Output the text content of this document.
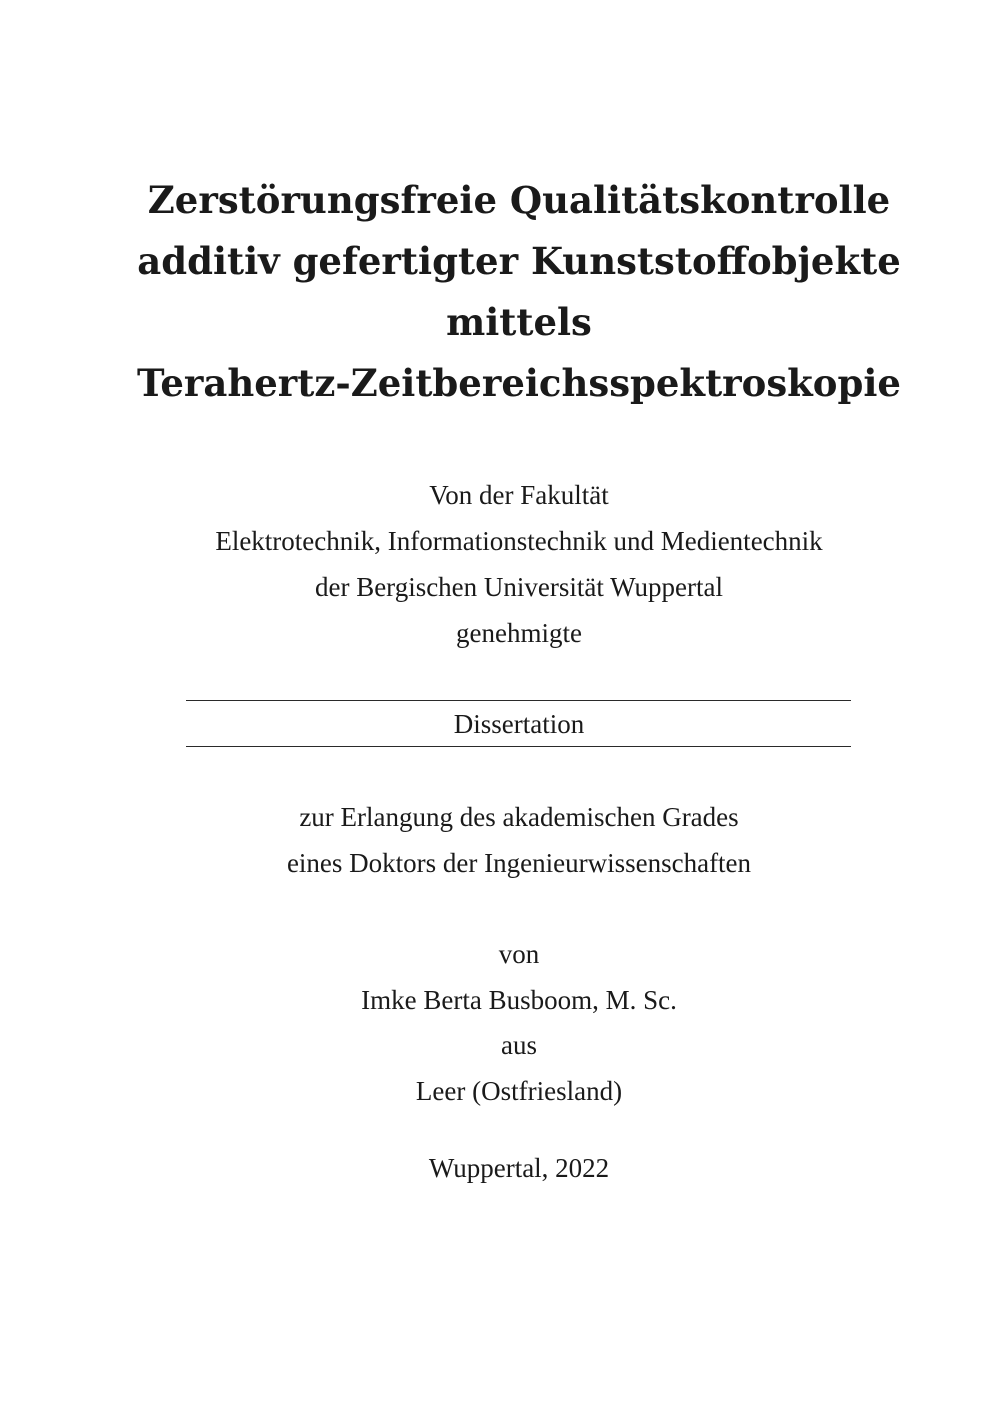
Zerstörungsfreie Qualitätskontrolle
additiv gefertigter Kunststoffobjekte
mittels
Terahertz-Zeitbereichsspektroskopie
Von der Fakultät
Elektrotechnik, Informationstechnik und Medientechnik
der Bergischen Universität Wuppertal
genehmigte
Dissertation
zur Erlangung des akademischen Grades
eines Doktors der Ingenieurwissenschaften
von
Imke Berta Busboom, M. Sc.
aus
Leer (Ostfriesland)
Wuppertal, 2022
